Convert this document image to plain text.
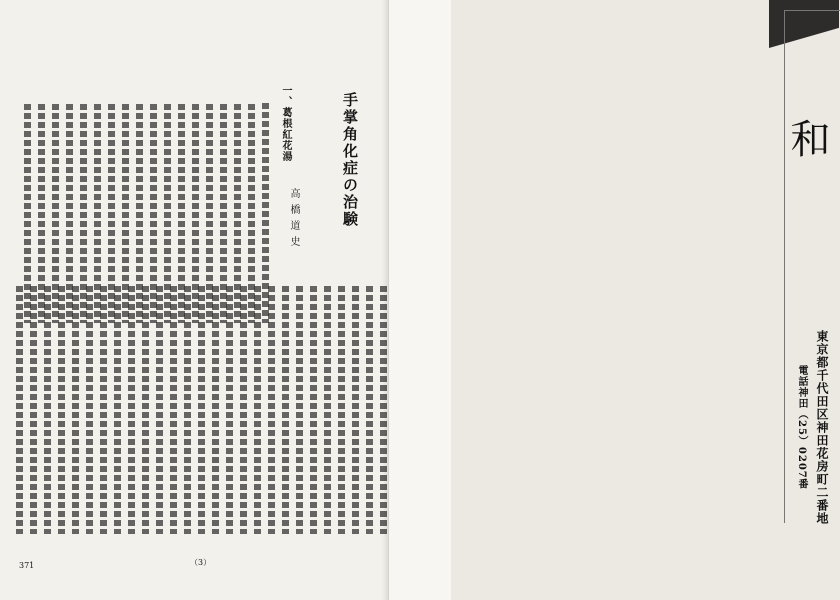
手掌角化症の治験
高橋道史
一、葛根紅花湯
371	（3）
和
東京都千代田区神田花房町二番地
電話神田（25）0207番
